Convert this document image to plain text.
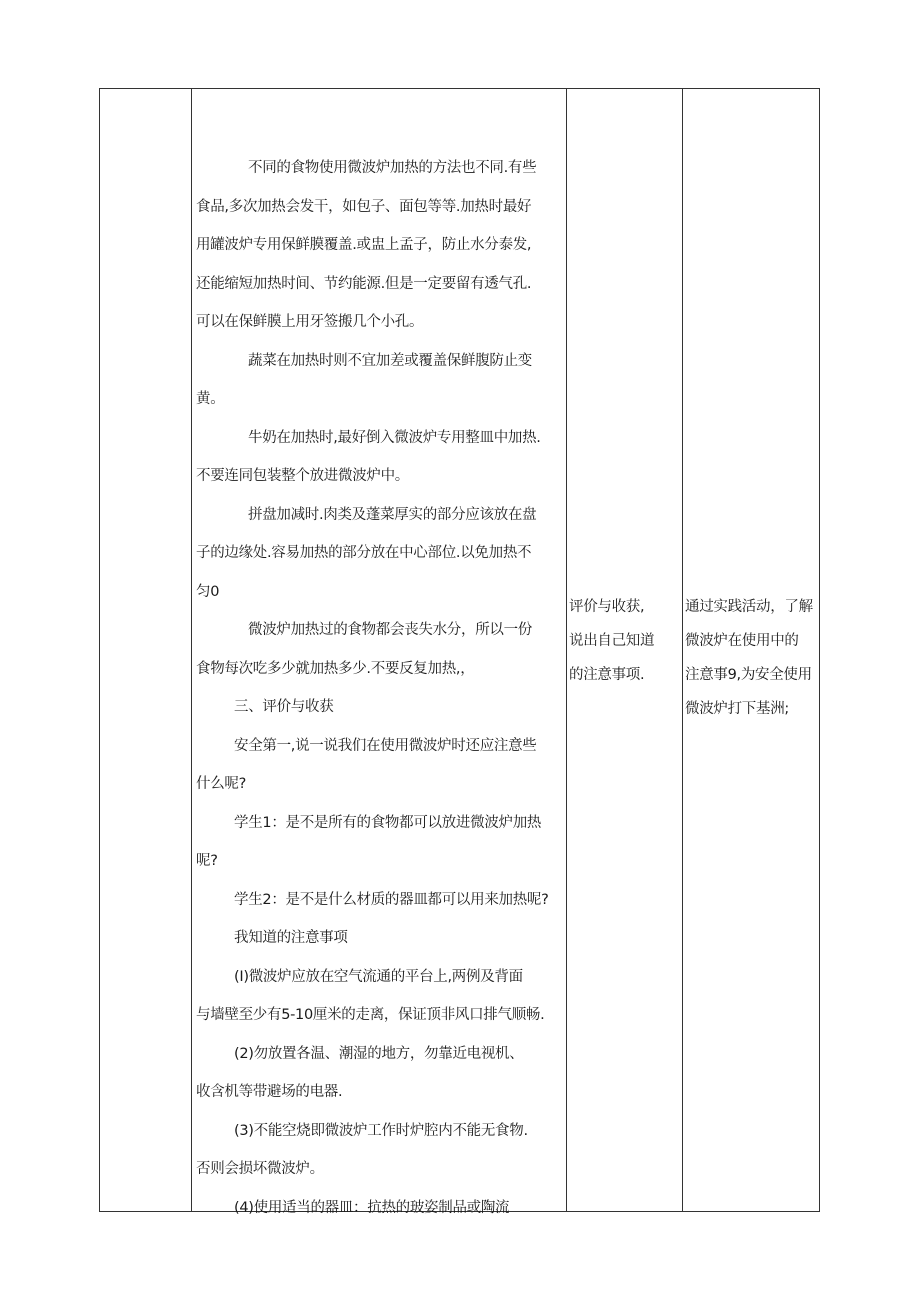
不同的食物使用微波炉加热的方法也不同.有些

食品,多次加热会发干，如包子、面包等等.加热时最好

用罐波炉专用保鲜膜覆盖.或盅上孟子，防止水分泰发,

还能缩短加热时间、节约能源.但是一定要留有透气孔.

可以在保鲜膜上用牙签搬几个小孔。

蔬菜在加热时则不宜加差或覆盖保鲜腹防止变

黄。

牛奶在加热时,最好倒入微波炉专用整皿中加热.

不要连同包装整个放进微波炉中。

拼盘加减时.肉类及蓬菜厚实的部分应该放在盘

子的边缘处.容易加热的部分放在中心部位.以免加热不

匀0

微波炉加热过的食物都会丧失水分，所以一份

食物每次吃多少就加热多少.不要反复加热,，

三、评价与收获

安全第一,说一说我们在使用微波炉时还应注意些

什么呢?

学生1：是不是所有的食物都可以放进微波炉加热

呢?

学生2：是不是什么材质的器皿都可以用来加热呢?

我知道的注意事项

(I)微波炉应放在空气流通的平台上,两例及背面

与墙壁至少有5-10厘米的走离，保证顶非风口排气顺畅.

(2)勿放置各温、潮湿的地方，勿靠近电视机、

收含机等带避场的电器.

(3)不能空烧即微波炉工作时炉腔内不能无食物.

否则会损坏微波炉。

(4)使用适当的器皿：抗热的玻姿制品或陶流

评价与收获,

说出自己知道

的注意事项.

通过实践活动，了解

微波炉在使用中的

注意事9,为安全使用

微波炉打下基洲;
